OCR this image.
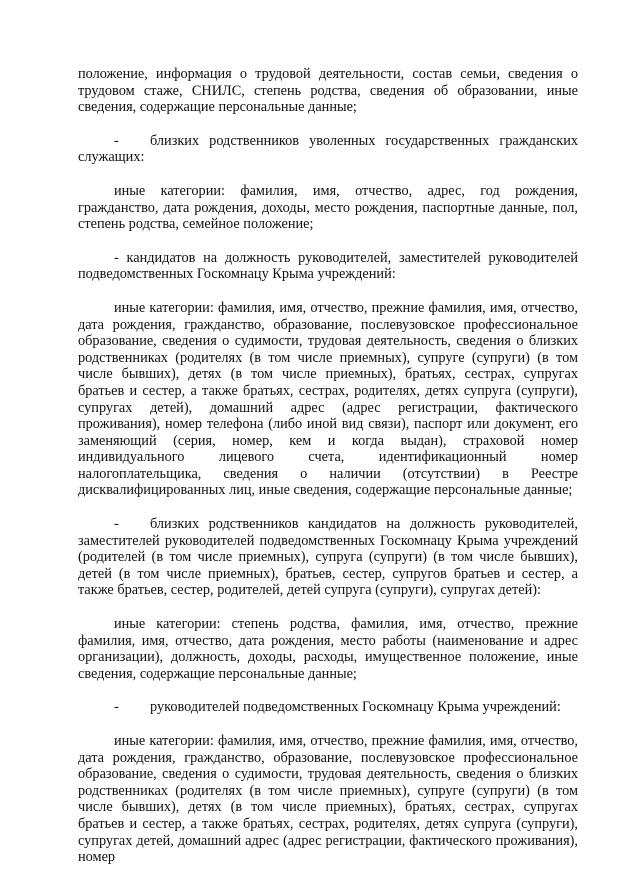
положение, информация о трудовой деятельности, состав семьи, сведения о трудовом стаже, СНИЛС, степень родства, сведения об образовании, иные сведения, содержащие персональные данные;

- близких родственников уволенных государственных гражданских служащих:

иные категории: фамилия, имя, отчество, адрес, год рождения, гражданство, дата рождения, доходы, место рождения, паспортные данные, пол, степень родства, семейное положение;

- кандидатов на должность руководителей, заместителей руководителей подведомственных Госкомнацу Крыма учреждений:

иные категории: фамилия, имя, отчество, прежние фамилия, имя, отчество, дата рождения, гражданство, образование, послевузовское профессиональное образование, сведения о судимости, трудовая деятельность, сведения о близких родственниках (родителях (в том числе приемных), супруге (супруги) (в том числе бывших), детях (в том числе приемных), братьях, сестрах, супругах братьев и сестер, а также братьях, сестрах, родителях, детях супруга (супруги), супругах детей), домашний адрес (адрес регистрации, фактического проживания), номер телефона (либо иной вид связи), паспорт или документ, его заменяющий (серия, номер, кем и когда выдан), страховой номер индивидуального лицевого счета, идентификационный номер налогоплательщика, сведения о наличии (отсутствии) в Реестре дисквалифицированных лиц, иные сведения, содержащие персональные данные;

- близких родственников кандидатов на должность руководителей, заместителей руководителей подведомственных Госкомнацу Крыма учреждений (родителей (в том числе приемных), супруга (супруги) (в том числе бывших), детей (в том числе приемных), братьев, сестер, супругов братьев и сестер, а также братьев, сестер, родителей, детей супруга (супруги), супругах детей):

иные категории: степень родства, фамилия, имя, отчество, прежние фамилия, имя, отчество, дата рождения, место работы (наименование и адрес организации), должность, доходы, расходы, имущественное положение, иные сведения, содержащие персональные данные;

- руководителей подведомственных Госкомнацу Крыма учреждений:

иные категории: фамилия, имя, отчество, прежние фамилия, имя, отчество, дата рождения, гражданство, образование, послевузовское профессиональное образование, сведения о судимости, трудовая деятельность, сведения о близких родственниках (родителях (в том числе приемных), супруге (супруги) (в том числе бывших), детях (в том числе приемных), братьях, сестрах, супругах братьев и сестер, а также братьях, сестрах, родителях, детях супруга (супруги), супругах детей, домашний адрес (адрес регистрации, фактического проживания), номер
